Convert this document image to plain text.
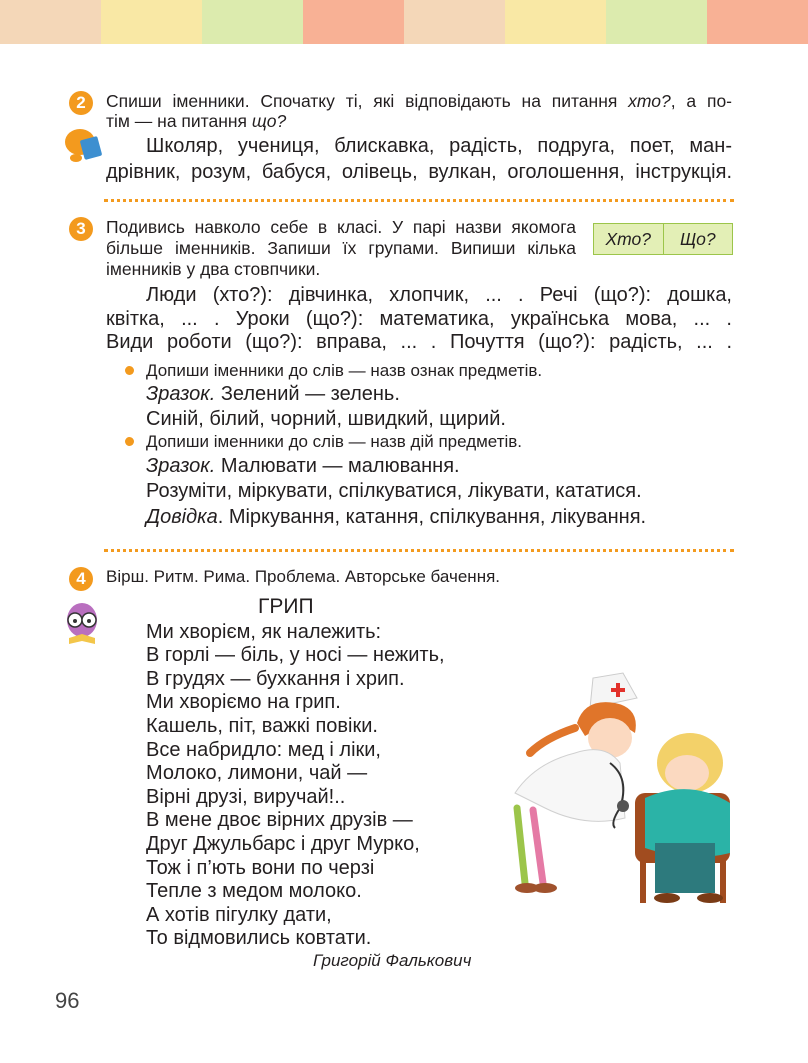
2	Спиши іменники. Спочатку ті, які відповідають на питання хто?, а по-
тім — на питання що?
Школяр, учениця, блискавка, радість, подруга, поет, ман-
дрівник, розум, бабуся, олівець, вулкан, оголошення, інструкція.
3	Подивись навколо себе в класі. У парі назви якомога
більше іменників. Запиши їх групами. Випиши кілька
іменників у два стовпчики.
Хто?	Що?
Люди (хто?): дівчинка, хлопчик, ... . Речі (що?): дошка,
квітка, ... . Уроки (що?): математика, українська мова, ... .
Види роботи (що?): вправа, ... . Почуття (що?): радість, ... .
Допиши іменники до слів — назв ознак предметів.
Зразок. Зелений — зелень.
Синій, білий, чорний, швидкий, щирий.
Допиши іменники до слів — назв дій предметів.
Зразок. Малювати — малювання.
Розуміти, міркувати, спілкуватися, лікувати, кататися.
Довідка. Міркування, катання, спілкування, лікування.
4	Вірш. Ритм. Рима. Проблема. Авторське бачення.
ГРИП
Ми хворієм, як належить:
В горлі — біль, у носі — нежить,
В грудях — бухкання і хрип.
Ми хворіємо на грип.
Кашель, піт, важкі повіки.
Все набридло: мед і ліки,
Молоко, лимони, чай —
Вірні друзі, виручай!..
В мене двоє вірних друзів —
Друг Джульбарс і друг Мурко,
Тож і п’ють вони по черзі
Тепле з медом молоко.
А хотів пігулку дати,
То відмовились ковтати.
Григорій Фалькович
96
